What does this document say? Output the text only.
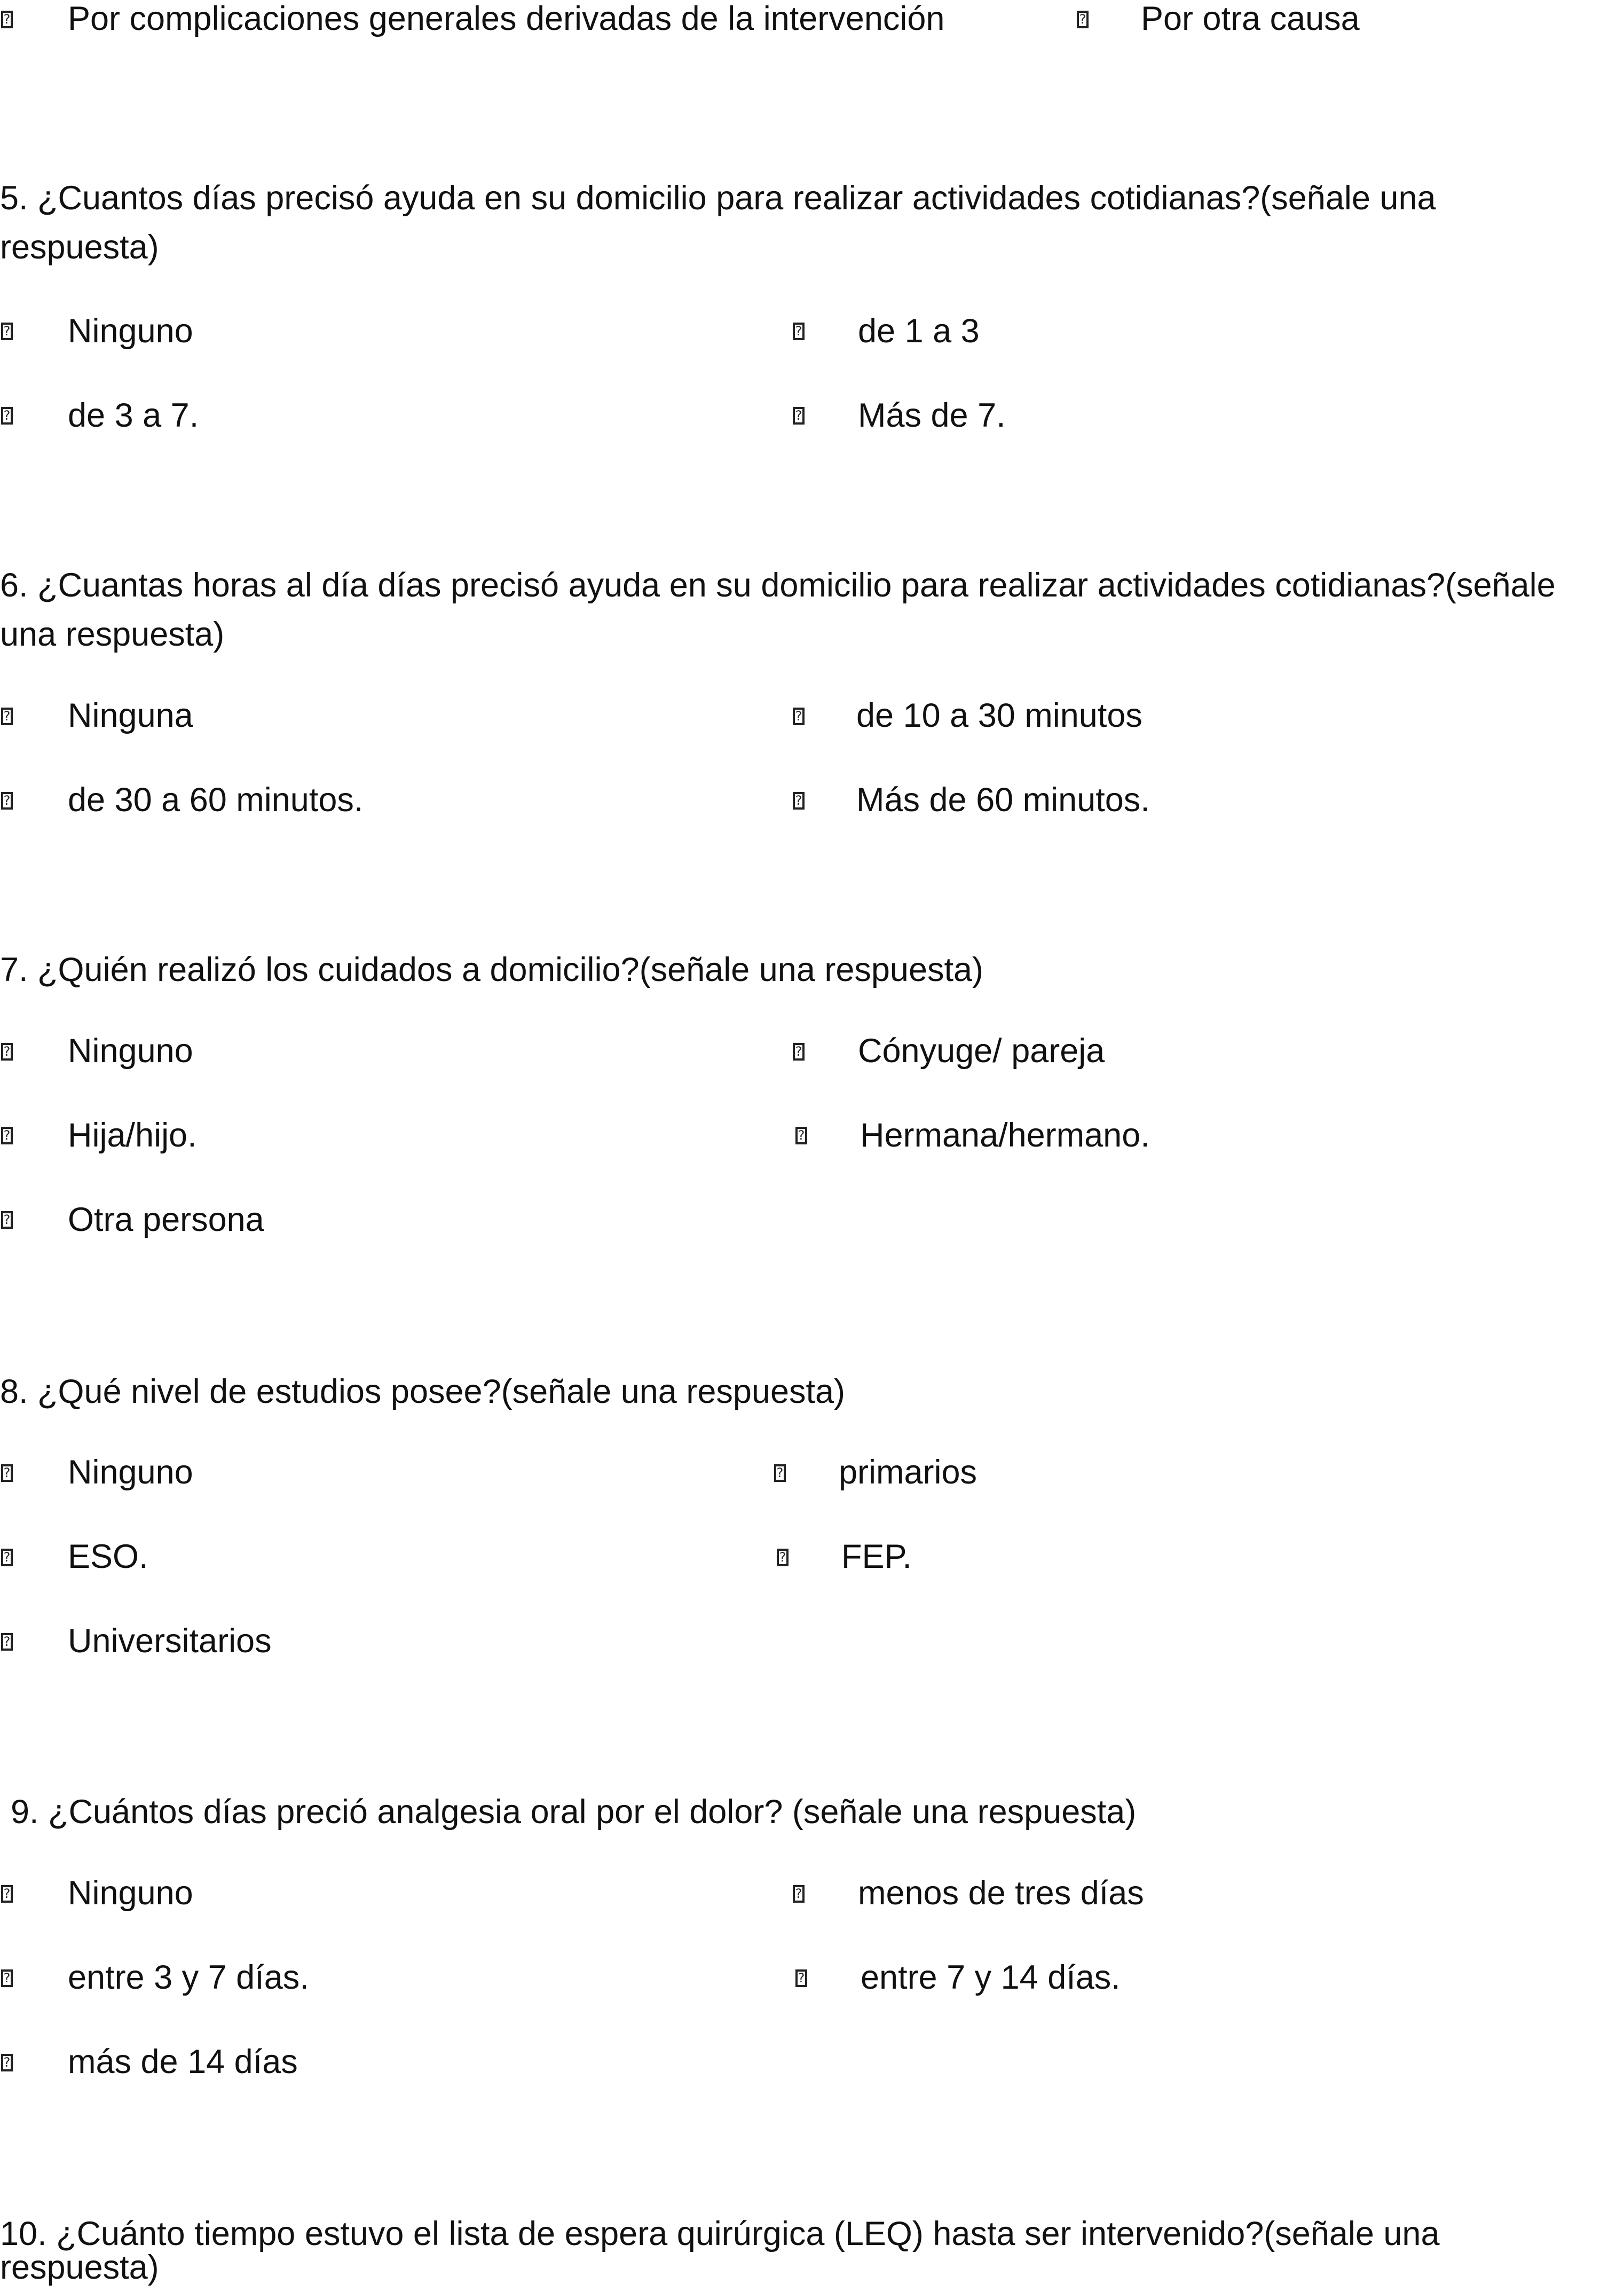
? Por complicaciones generales derivadas de la intervención	? Por otra causa
5. ¿Cuantos días precisó ayuda en su domicilio para realizar actividades cotidianas?(señale una
respuesta)
? Ninguno	? de 1 a 3
? de 3 a 7.	? Más de 7.
6. ¿Cuantas horas al día días precisó ayuda en su domicilio para realizar actividades cotidianas?(señale
una respuesta)
? Ninguna	? de 10 a 30 minutos
? de 30 a 60 minutos.	? Más de 60 minutos.
7. ¿Quién realizó los cuidados a domicilio?(señale una respuesta)
? Ninguno	? Cónyuge/ pareja
? Hija/hijo.	? Hermana/hermano.
? Otra persona
8. ¿Qué nivel de estudios posee?(señale una respuesta)
? Ninguno	? primarios
? ESO.	? FEP.
? Universitarios
9. ¿Cuántos días preció analgesia oral por el dolor? (señale una respuesta)
? Ninguno	? menos de tres días
? entre 3 y 7 días.	? entre 7 y 14 días.
? más de 14 días
10. ¿Cuánto tiempo estuvo el lista de espera quirúrgica (LEQ) hasta ser intervenido?(señale una
respuesta)
